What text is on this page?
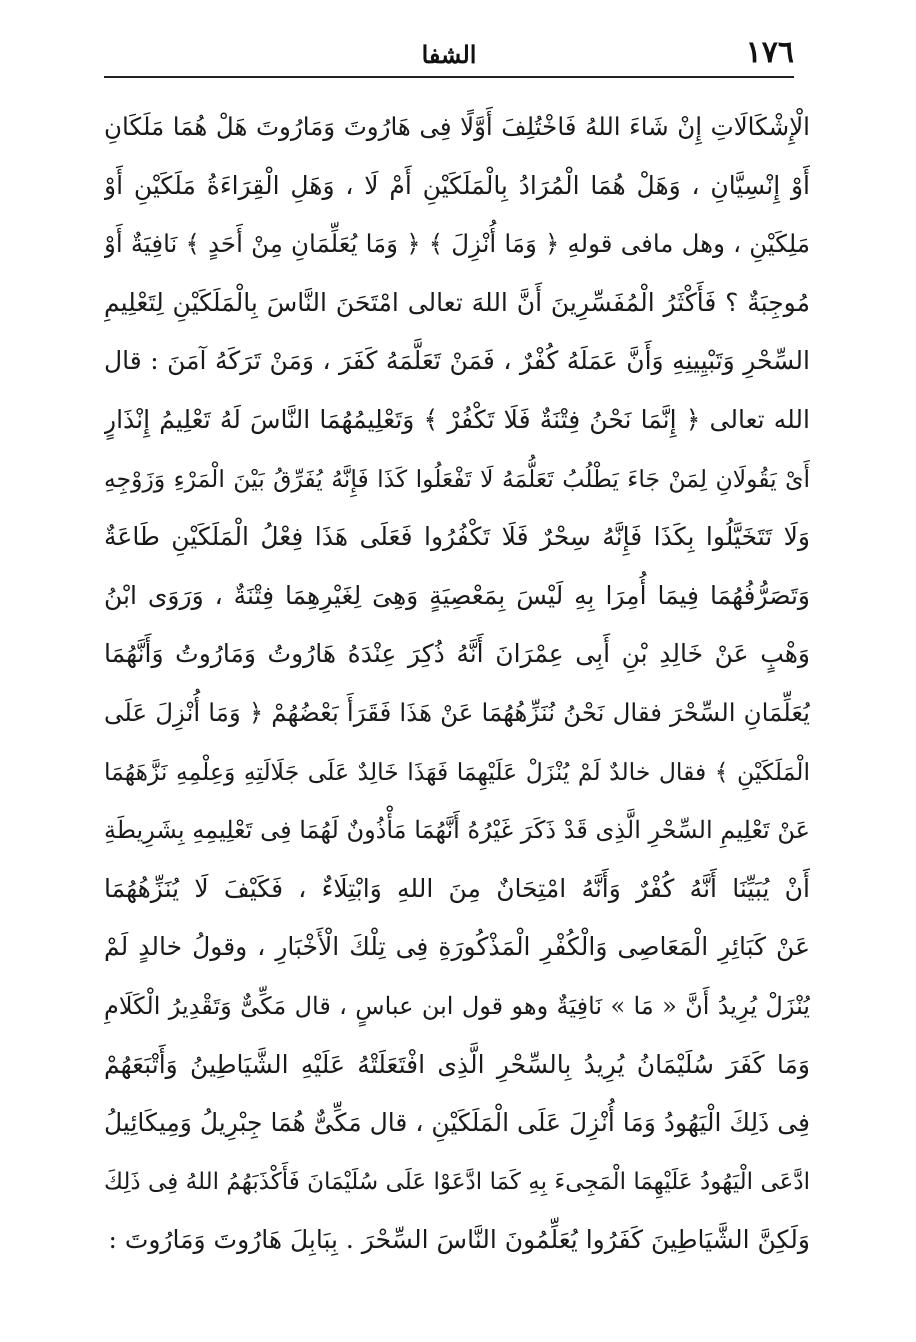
١٧٦
الشفا
الْإِشْكَالَاتِ إِنْ شَاءَ اللهُ فَاخْتُلِفَ أَوَّلًا فِى هَارُوتَ وَمَارُوتَ هَلْ هُمَا مَلَكَانِ
أَوْ إِنْسِيَّانِ ، وَهَلْ هُمَا الْمُرَادُ بِالْمَلَكَيْنِ أَمْ لَا ، وَهَلِ الْقِرَاءَةُ مَلَكَيْنِ أَوْ
مَلِكَيْنِ ، وهل مافى قولهِ ﴿ وَمَا أُنْزِلَ ﴾ ﴿ وَمَا يُعَلِّمَانِ مِنْ أَحَدٍ ﴾ نَافِيَةٌ أَوْ
مُوجِبَةٌ ؟ فَأَكْثَرُ الْمُفَسِّرِينَ أَنَّ اللهَ تعالى امْتَحَنَ النَّاسَ بِالْمَلَكَيْنِ لِتَعْلِيمِ
السِّحْرِ وَتَبْيِينِهِ وَأَنَّ عَمَلَهُ كُفْرٌ ، فَمَنْ تَعَلَّمَهُ كَفَرَ ، وَمَنْ تَرَكَهُ آمَنَ : قال
الله تعالى ﴿ إِنَّمَا نَحْنُ فِتْنَةٌ فَلَا تَكْفُرْ ﴾ وَتَعْلِيمُهُمَا النَّاسَ لَهُ تَعْلِيمُ إِنْذَارٍ
أَىْ يَقُولَانِ لِمَنْ جَاءَ يَطْلُبُ تَعَلُّمَهُ لَا تَفْعَلُوا كَذَا فَإِنَّهُ يُفَرِّقُ بَيْنَ الْمَرْءِ وَزَوْجِهِ
وَلَا تَتَخَيَّلُوا بِكَذَا فَإِنَّهُ سِحْرٌ فَلَا تَكْفُرُوا فَعَلَى هَذَا فِعْلُ الْمَلَكَيْنِ طَاعَةٌ
وَتَصَرُّفُهُمَا فِيمَا أُمِرَا بِهِ لَيْسَ بِمَعْصِيَةٍ وَهِىَ لِغَيْرِهِمَا فِتْنَةٌ ، وَرَوَى ابْنُ
وَهْبٍ عَنْ خَالِدِ بْنِ أَبِى عِمْرَانَ أَنَّهُ ذُكِرَ عِنْدَهُ هَارُوتُ وَمَارُوتُ وَأَنَّهُمَا
يُعَلِّمَانِ السِّحْرَ فقال نَحْنُ نُنَزِّهُهُمَا عَنْ هَذَا فَقَرَأَ بَعْضُهُمْ ﴿ وَمَا أُنْزِلَ عَلَى
الْمَلَكَيْنِ ﴾ فقال خالدٌ لَمْ يُنْزَلْ عَلَيْهِمَا فَهَذَا خَالِدٌ عَلَى جَلَالَتِهِ وَعِلْمِهِ نَزَّهَهُمَا
عَنْ تَعْلِيمِ السِّحْرِ الَّذِى قَدْ ذَكَرَ غَيْرُهُ أَنَّهُمَا مَأْذُونٌ لَهُمَا فِى تَعْلِيمِهِ بِشَرِيطَةِ
أَنْ يُبَيِّنَا أَنَّهُ كُفْرٌ وَأَنَّهُ امْتِحَانٌ مِنَ اللهِ وَابْتِلَاءٌ ، فَكَيْفَ لَا يُنَزِّهُهُمَا
عَنْ كَبَائِرِ الْمَعَاصِى وَالْكُفْرِ الْمَذْكُورَةِ فِى تِلْكَ الْأَخْبَارِ ، وقولُ خالدٍ لَمْ
يُنْزَلْ يُرِيدُ أَنَّ « مَا » نَافِيَةٌ وهو قول ابن عباسٍ ، قال مَكِّىٌّ وَتَقْدِيرُ الْكَلَامِ
وَمَا كَفَرَ سُلَيْمَانُ يُرِيدُ بِالسِّحْرِ الَّذِى افْتَعَلَتْهُ عَلَيْهِ الشَّيَاطِينُ وَأَتْبَعَهُمْ
فِى ذَلِكَ الْيَهُودُ وَمَا أُنْزِلَ عَلَى الْمَلَكَيْنِ ، قال مَكِّىٌّ هُمَا جِبْرِيلُ وَمِيكَائِيلُ
ادَّعَى الْيَهُودُ عَلَيْهِمَا الْمَجِىءَ بِهِ كَمَا ادَّعَوْا عَلَى سُلَيْمَانَ فَأَكْذَبَهُمُ اللهُ فِى ذَلِكَ
وَلَكِنَّ الشَّيَاطِينَ كَفَرُوا يُعَلِّمُونَ النَّاسَ السِّحْرَ . بِبَابِلَ هَارُوتَ وَمَارُوتَ :
